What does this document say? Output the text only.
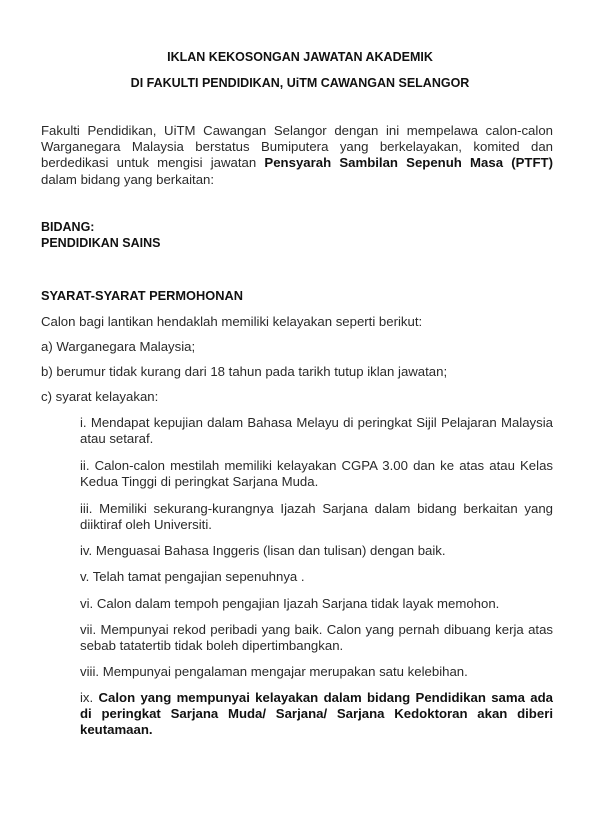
IKLAN KEKOSONGAN JAWATAN AKADEMIK
DI FAKULTI PENDIDIKAN, UiTM CAWANGAN SELANGOR
Fakulti Pendidikan, UiTM Cawangan Selangor dengan ini mempelawa calon-calon Warganegara Malaysia berstatus Bumiputera yang berkelayakan, komited dan berdedikasi untuk mengisi jawatan Pensyarah Sambilan Sepenuh Masa (PTFT) dalam bidang yang berkaitan:
BIDANG:
PENDIDIKAN SAINS
SYARAT-SYARAT PERMOHONAN
Calon bagi lantikan hendaklah memiliki kelayakan seperti berikut:
a) Warganegara Malaysia;
b) berumur tidak kurang dari 18 tahun pada tarikh tutup iklan jawatan;
c) syarat kelayakan:
i. Mendapat kepujian dalam Bahasa Melayu di peringkat Sijil Pelajaran Malaysia atau setaraf.
ii. Calon-calon mestilah memiliki kelayakan CGPA 3.00 dan ke atas atau Kelas Kedua Tinggi di peringkat Sarjana Muda.
iii. Memiliki sekurang-kurangnya Ijazah Sarjana dalam bidang berkaitan yang diiktiraf oleh Universiti.
iv. Menguasai Bahasa Inggeris (lisan dan tulisan) dengan baik.
v. Telah tamat pengajian sepenuhnya .
vi. Calon dalam tempoh pengajian Ijazah Sarjana tidak layak memohon.
vii. Mempunyai rekod peribadi yang baik. Calon yang pernah dibuang kerja atas sebab tatatertib tidak boleh dipertimbangkan.
viii. Mempunyai pengalaman mengajar merupakan satu kelebihan.
ix. Calon yang mempunyai kelayakan dalam bidang Pendidikan sama ada di peringkat Sarjana Muda/ Sarjana/ Sarjana Kedoktoran akan diberi keutamaan.
